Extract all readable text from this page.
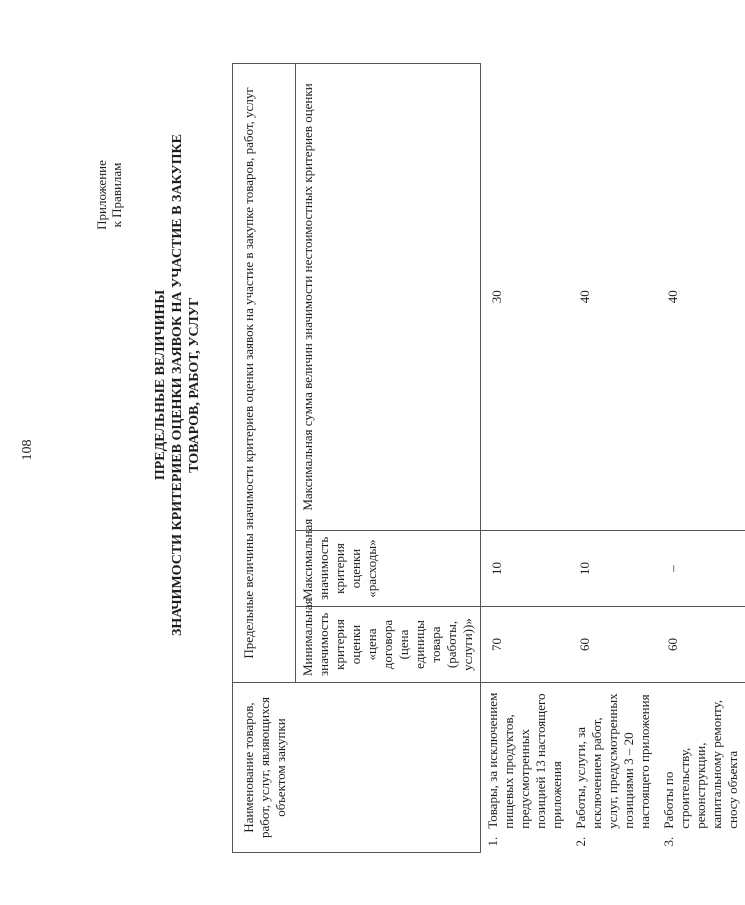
108
Приложение к Правилам
ПРЕДЕЛЬНЫЕ ВЕЛИЧИНЫ ЗНАЧИМОСТИ КРИТЕРИЕВ ОЦЕНКИ ЗАЯВОК НА УЧАСТИЕ В ЗАКУПКЕ ТОВАРОВ, РАБОТ, УСЛУГ
Наименование товаров, работ, услуг, являющихся объектом закупки	Предельные величины значимости критериев оценки заявок на участие в закупке товаров, работ, услуг		
	Минимальная значимость критерия оценки «цена договора (цена единицы товара (работы, услуги))»	Максимальная значимость критерия оценки «расходы»	Максимальная сумма величин значимости нестоимостных критериев оценки

1.
Товары, за исключением пищевых продуктов, предусмотренных позицией 13 настоящего приложения	70	10	30

2.
Работы, услуги, за исключением работ, услуг, предусмотренных позициями 3 – 20 настоящего приложения	60	10	40

3.
Работы по строительству, реконструкции, капитальному ремонту, сносу объекта	60	–	40
